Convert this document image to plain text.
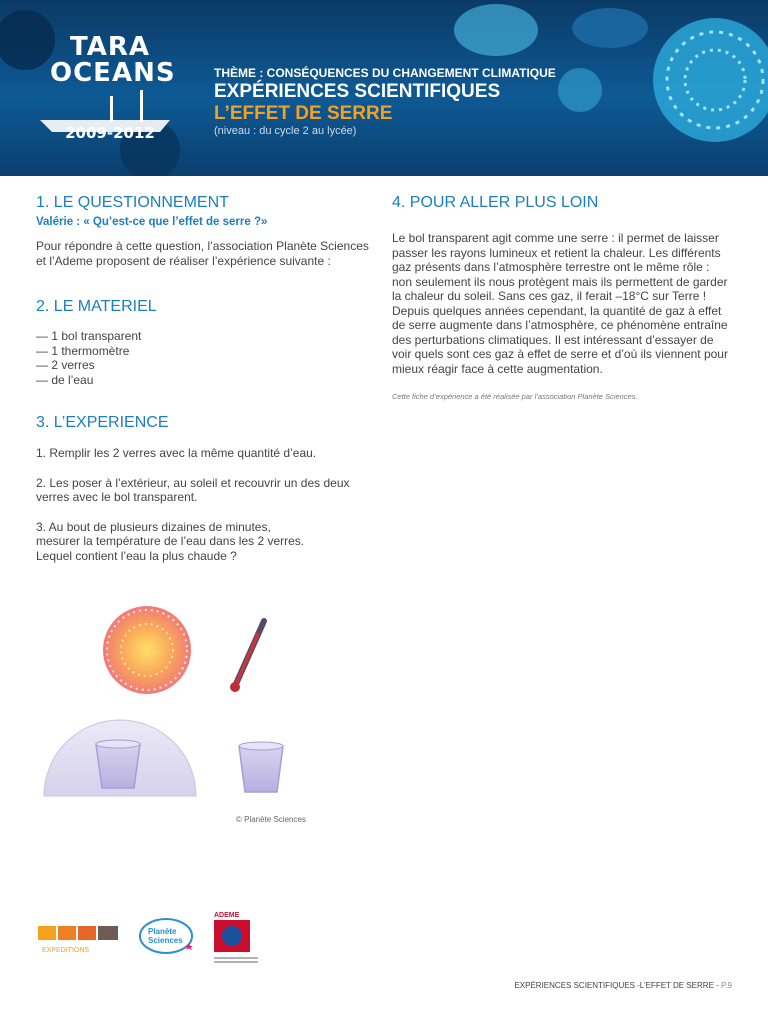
TARA
OCEANS
2009-2012
THÈME : CONSÉQUENCES DU CHANGEMENT CLIMATIQUE
EXPÉRIENCES SCIENTIFIQUES
L’EFFET DE SERRE
(niveau : du cycle 2 au lycée)
1. LE QUESTIONNEMENT
Valérie : « Qu’est-ce que l’effet de serre ?»

Pour répondre à cette question, l’association Planète Sciences et l’Ademe proposent de réaliser l’expérience suivante :

2. LE MATERIEL
— 1 bol transparent
— 1 thermomètre
— 2 verres
— de l’eau
3. L’EXPERIENCE

1. Remplir les 2 verres avec la même quantité d’eau.

2. Les poser à l’extérieur, au soleil et recouvrir un des deux verres avec le bol transparent.

3. Au bout de plusieurs dizaines de minutes,

mesurer la température de l’eau dans les 2 verres.

Lequel contient l’eau la plus chaude ?

© Planète Sciences
4. POUR ALLER PLUS LOIN

Le bol transparent agit comme une serre : il permet de laisser passer les rayons lumineux et retient la chaleur. Les différents gaz présents dans l’atmosphère terrestre ont le même rôle : non seulement ils nous protègent mais ils permettent de garder la chaleur du soleil. Sans ces gaz, il ferait –18°C sur Terre ! Depuis quelques années cependant, la quantité de gaz à effet de serre augmente dans l’atmosphère, ce phénomène entraîne des perturbations climatiques. Il est intéressant d’essayer de voir quels sont ces gaz à effet de serre et d’où ils viennent pour mieux réagir face à cette augmentation.

Cette fiche d’expérience a été réalisée par l’association Planète Sciences.
EXPEDITIONS
Planète
Sciences
ADEME
EXPÉRIENCES SCIENTIFIQUES -L’EFFET DE SERRE - P.9
